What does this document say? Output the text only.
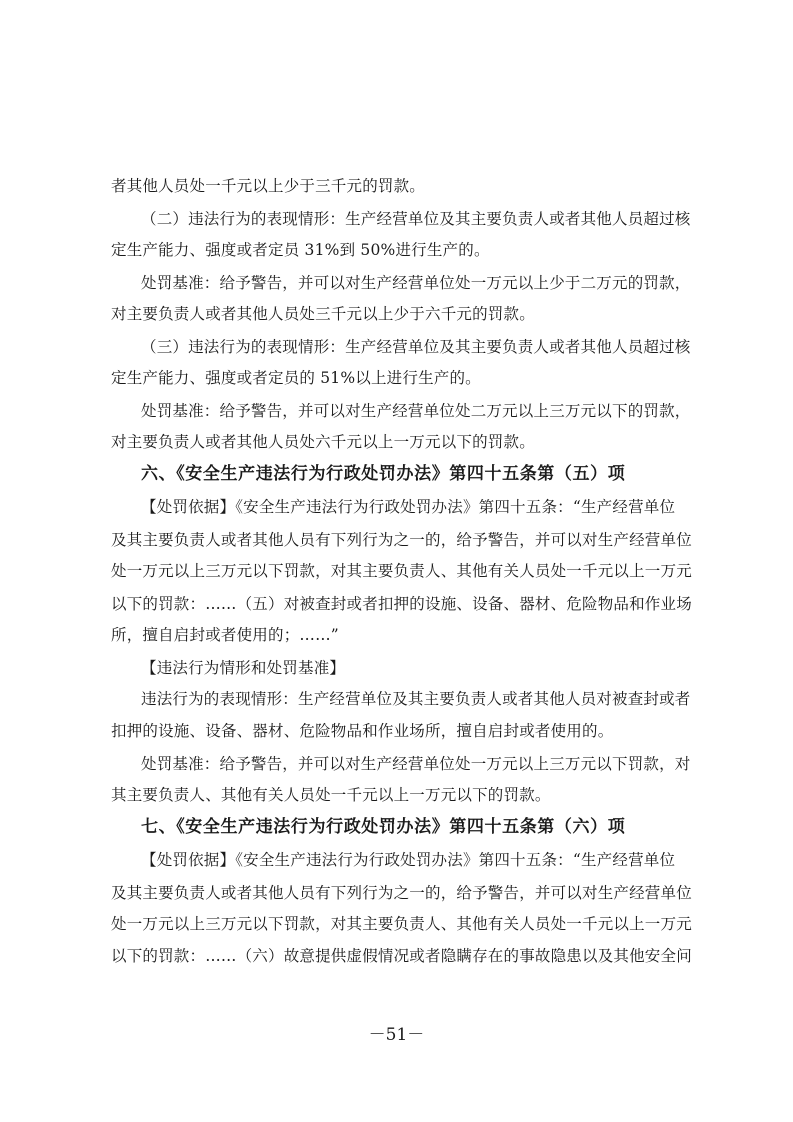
者其他人员处一千元以上少于三千元的罚款。
（二）违法行为的表现情形：生产经营单位及其主要负责人或者其他人员超过核
定生产能力、强度或者定员 31%到 50%进行生产的。
处罚基准：给予警告，并可以对生产经营单位处一万元以上少于二万元的罚款，
对主要负责人或者其他人员处三千元以上少于六千元的罚款。
（三）违法行为的表现情形：生产经营单位及其主要负责人或者其他人员超过核
定生产能力、强度或者定员的 51%以上进行生产的。
处罚基准：给予警告，并可以对生产经营单位处二万元以上三万元以下的罚款，
对主要负责人或者其他人员处六千元以上一万元以下的罚款。
六、《安全生产违法行为行政处罚办法》第四十五条第（五）项
【处罚依据】《安全生产违法行为行政处罚办法》第四十五条：“生产经营单位
及其主要负责人或者其他人员有下列行为之一的，给予警告，并可以对生产经营单位
处一万元以上三万元以下罚款，对其主要负责人、其他有关人员处一千元以上一万元
以下的罚款：……（五）对被查封或者扣押的设施、设备、器材、危险物品和作业场
所，擅自启封或者使用的；……”
【违法行为情形和处罚基准】
违法行为的表现情形：生产经营单位及其主要负责人或者其他人员对被查封或者
扣押的设施、设备、器材、危险物品和作业场所，擅自启封或者使用的。
处罚基准：给予警告，并可以对生产经营单位处一万元以上三万元以下罚款，对
其主要负责人、其他有关人员处一千元以上一万元以下的罚款。
七、《安全生产违法行为行政处罚办法》第四十五条第（六）项
【处罚依据】《安全生产违法行为行政处罚办法》第四十五条：“生产经营单位
及其主要负责人或者其他人员有下列行为之一的，给予警告，并可以对生产经营单位
处一万元以上三万元以下罚款，对其主要负责人、其他有关人员处一千元以上一万元
以下的罚款：……（六）故意提供虚假情况或者隐瞒存在的事故隐患以及其他安全问
－51－
